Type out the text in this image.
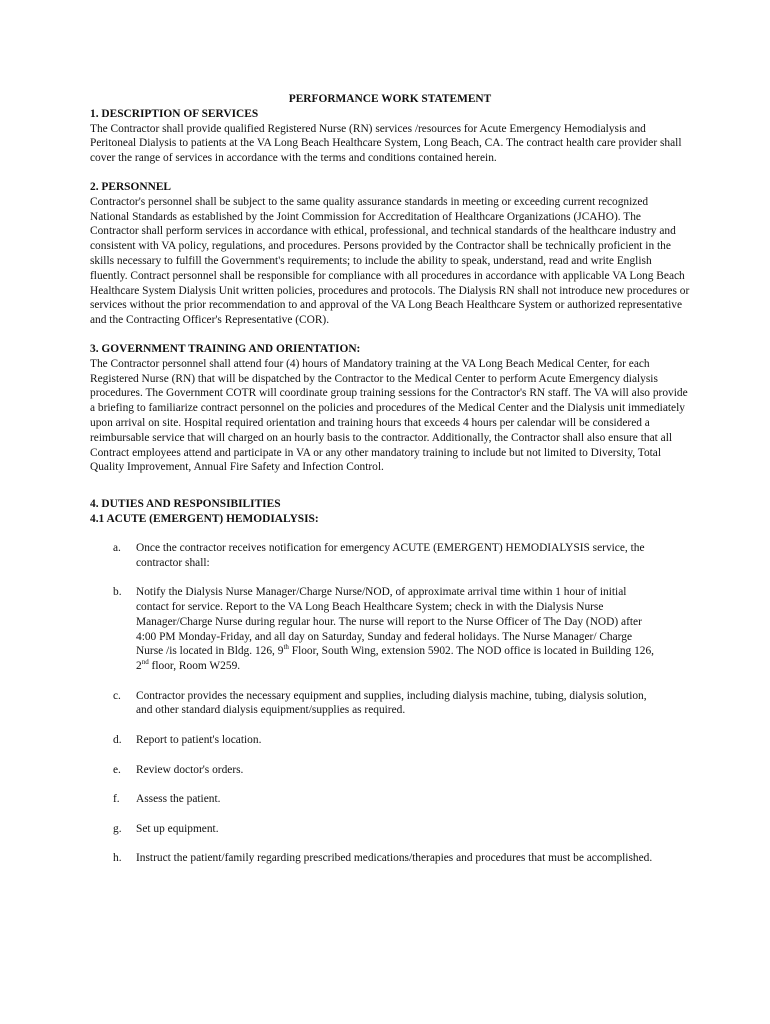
PERFORMANCE WORK STATEMENT

1. DESCRIPTION OF SERVICES

The Contractor shall provide qualified Registered Nurse (RN) services /resources for Acute Emergency Hemodialysis and Peritoneal Dialysis to patients at the VA Long Beach Healthcare System, Long Beach, CA. The contract health care provider shall cover the range of services in accordance with the terms and conditions contained herein.

2. PERSONNEL

Contractor's personnel shall be subject to the same quality assurance standards in meeting or exceeding current recognized National Standards as established by the Joint Commission for Accreditation of Healthcare Organizations (JCAHO). The Contractor shall perform services in accordance with ethical, professional, and technical standards of the healthcare industry and consistent with VA policy, regulations, and procedures. Persons provided by the Contractor shall be technically proficient in the skills necessary to fulfill the Government's requirements; to include the ability to speak, understand, read and write English fluently. Contract personnel shall be responsible for compliance with all procedures in accordance with applicable VA Long Beach Healthcare System Dialysis Unit written policies, procedures and protocols. The Dialysis RN shall not introduce new procedures or services without the prior recommendation to and approval of the VA Long Beach Healthcare System or authorized representative and the Contracting Officer's Representative (COR).

3. GOVERNMENT TRAINING AND ORIENTATION:

The Contractor personnel shall attend four (4) hours of Mandatory training at the VA Long Beach Medical Center, for each Registered Nurse (RN) that will be dispatched by the Contractor to the Medical Center to perform Acute Emergency dialysis procedures. The Government COTR will coordinate group training sessions for the Contractor's RN staff. The VA will also provide a briefing to familiarize contract personnel on the policies and procedures of the Medical Center and the Dialysis unit immediately upon arrival on site. Hospital required orientation and training hours that exceeds 4 hours per calendar will be considered a reimbursable service that will charged on an hourly basis to the contractor. Additionally, the Contractor shall also ensure that all Contract employees attend and participate in VA or any other mandatory training to include but not limited to Diversity, Total Quality Improvement, Annual Fire Safety and Infection Control.

4. DUTIES AND RESPONSIBILITIES

4.1 ACUTE (EMERGENT) HEMODIALYSIS:

a.	Once the contractor receives notification for emergency ACUTE (EMERGENT) HEMODIALYSIS service, the contractor shall:
b.	Notify the Dialysis Nurse Manager/Charge Nurse/NOD, of approximate arrival time within 1 hour of initial contact for service. Report to the VA Long Beach Healthcare System; check in with the Dialysis Nurse Manager/Charge Nurse during regular hour. The nurse will report to the Nurse Officer of The Day (NOD) after 4:00 PM Monday-Friday, and all day on Saturday, Sunday and federal holidays. The Nurse Manager/ Charge Nurse /is located in Bldg. 126, 9th Floor, South Wing, extension 5902. The NOD office is located in Building 126, 2nd floor, Room W259.
c.	Contractor provides the necessary equipment and supplies, including dialysis machine, tubing, dialysis solution, and other standard dialysis equipment/supplies as required.
d.	Report to patient's location.
e.	Review doctor's orders.
f.	Assess the patient.
g.	Set up equipment.
h.	Instruct the patient/family regarding prescribed medications/therapies and procedures that must be accomplished.
